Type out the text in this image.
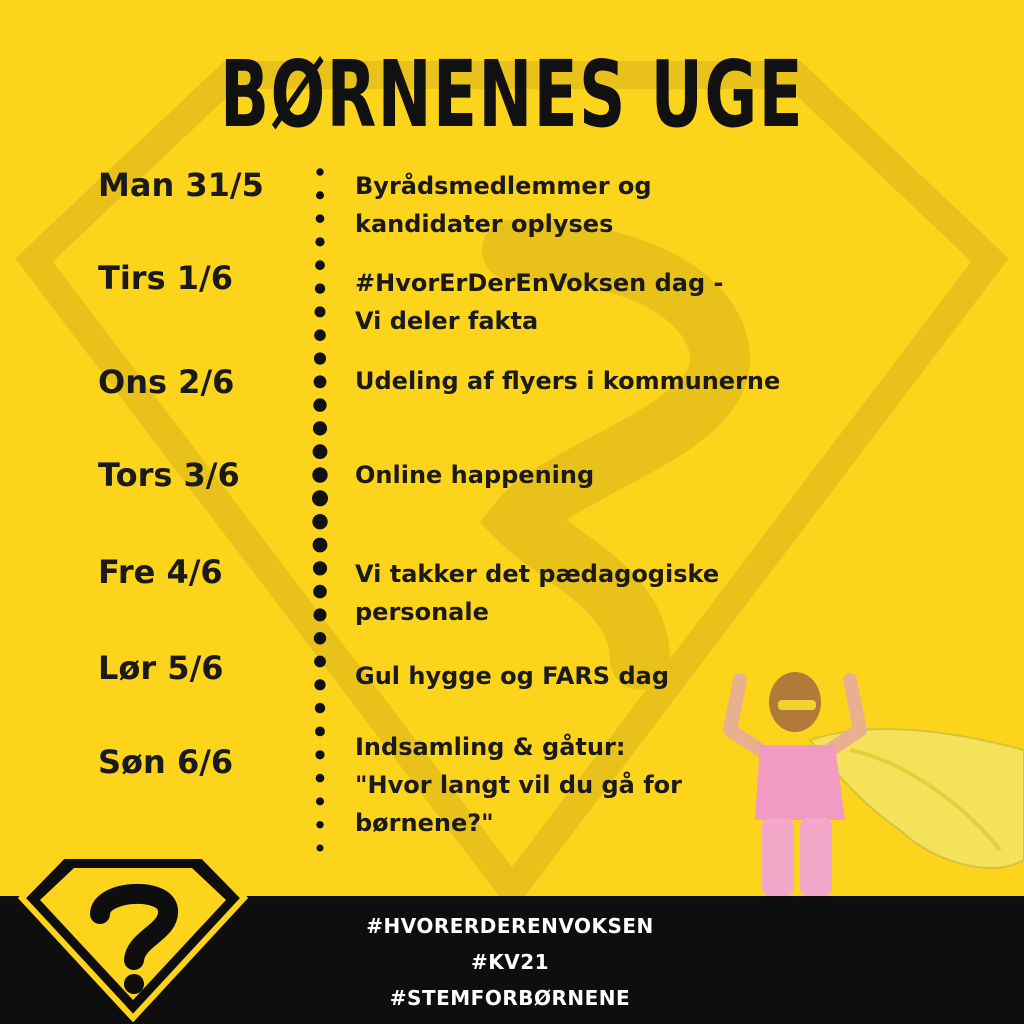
BØRNENES UGE
Man 31/5
Tirs 1/6
Ons 2/6
Tors 3/6
Fre 4/6
Lør 5/6
Søn 6/6
Byrådsmedlemmer og
kandidater oplyses
#HvorErDerEnVoksen dag -
Vi deler fakta
Udeling af flyers i kommunerne
Online happening
Vi takker det pædagogiske
personale
Gul hygge og FARS dag
Indsamling & gåtur:
"Hvor langt vil du gå for
børnene?"
#HVORERDERENVOKSEN
#KV21
#STEMFORBØRNENE
